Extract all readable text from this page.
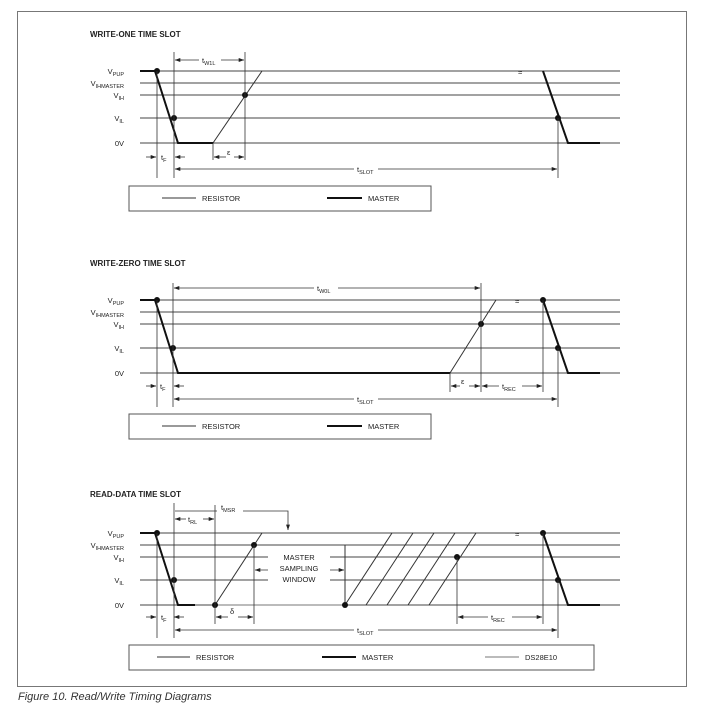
WRITE-ONE TIME SLOT
$V_{PUP}$
$V_{IHMASTER}$
$V_{IH}$
$V_{IL}$
0V
≈
$t_{W1L}$
ε
$t_F$
$t_{SLOT}$
RESISTOR	MASTER
WRITE-ZERO TIME SLOT
$V_{PUP}$
$V_{IHMASTER}$
$V_{IH}$
$V_{IL}$
0V
≈
$t_{W0L}$
ε
$t_{REC}$
$t_F$
$t_{SLOT}$
RESISTOR	MASTER
READ-DATA TIME SLOT
$V_{PUP}$
$V_{IHMASTER}$
$V_{IH}$
$V_{IL}$
0V
≈
$t_{MSR}$
$t_{RL}$
MASTER
SAMPLING
WINDOW
δ
$t_{REC}$
$t_F$
$t_{SLOT}$
RESISTOR	MASTER	DS28E10
Figure 10. Read/Write Timing Diagrams
